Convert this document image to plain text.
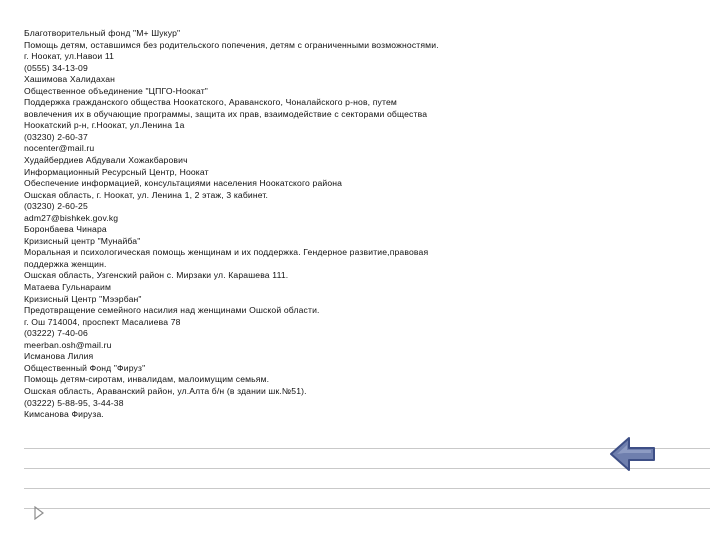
Благотворительный фонд "М+ Шукур"
Помощь детям, оставшимся без родительского попечения, детям с ограниченными возможностями.
г. Ноокат, ул.Навои 11
(0555) 34-13-09
Хашимова Халидахан
Общественное объединение "ЦПГО-Ноокат"
Поддержка гражданского общества Ноокатского, Араванского, Чоналайского р-нов, путем
вовлечения их в обучающие программы, защита их прав, взаимодействие с секторами общества
Ноокатский р-н, г.Ноокат, ул.Ленина 1а
(03230) 2-60-37
nocenter@mail.ru
Худайбердиев Абдували Хожакбарович
Информационный Ресурсный Центр, Ноокат
Обеспечение информацией, консультациями населения Ноокатского района
Ошская область, г. Ноокат, ул. Ленина 1, 2 этаж, 3 кабинет.
(03230) 2-60-25
adm27@bishkek.gov.kg
Боронбаева Чинара
Кризисный центр "Мунайба"
Моральная и психологическая помощь женщинам и их поддержка. Гендерное развитие,правовая
поддержка женщин.
Ошская область, Узгенский район с. Мирзаки ул. Карашева 111.
Матаева Гульнараим
Кризисный Центр "Мээрбан"
Предотвращение семейного насилия над женщинами Ошской области.
г. Ош 714004, проспект Масалиева 78
(03222) 7-40-06
meerban.osh@mail.ru
Исманова Лилия
Общественный Фонд "Фируз"
Помощь детям-сиротам, инвалидам, малоимущим семьям.
Ошская область, Араванский район, ул.Алта б/н (в здании шк.№51).
(03222) 5-88-95, 3-44-38
Кимсанова Фируза.
